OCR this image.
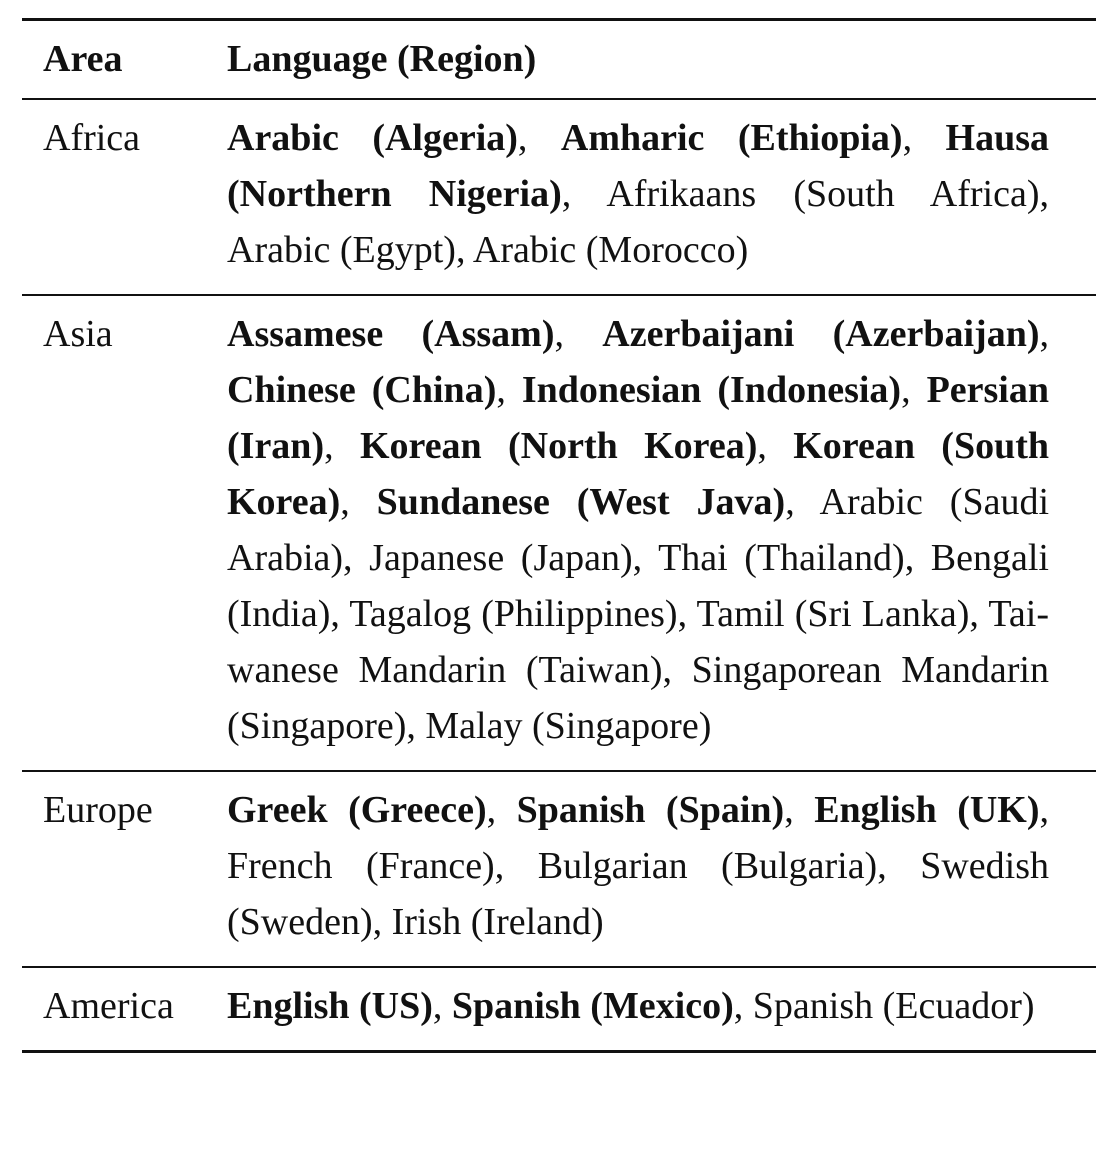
Area	Language (Region)
Africa	Arabic (Algeria), Amharic (Ethiopia), Hausa (Northern Nigeria), Afrikaans (South Africa), Arabic (Egypt), Arabic (Morocco)
Asia	Assamese (Assam), Azerbaijani (Azerbaijan), Chinese (China), Indonesian (Indonesia), Persian (Iran), Korean (North Korea), Korean (South Korea), Sundanese (West Java), Arabic (Saudi Arabia), Japanese (Japan), Thai (Thailand), Bengali (India), Tagalog (Philippines), Tamil (Sri Lanka), Taiwanese Mandarin (Taiwan), Singaporean Mandarin (Singapore), Malay (Singapore)
Europe	Greek (Greece), Spanish (Spain), English (UK), French (France), Bulgarian (Bulgaria), Swedish (Sweden), Irish (Ireland)
America	English (US), Spanish (Mexico), Spanish (Ecuador)
